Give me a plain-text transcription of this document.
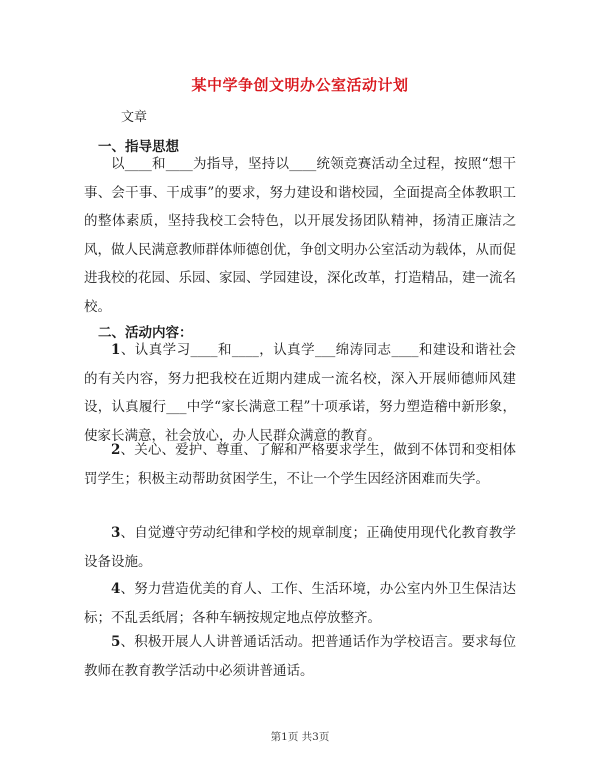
某中学争创文明办公室活动计划
文章
一、指导思想

以____和____为指导，坚持以____统领竞赛活动全过程，按照“想干事、会干事、干成事”的要求，努力建设和谐校园，全面提高全体教职工的整体素质，坚持我校工会特色，以开展发扬团队精神，扬清正廉洁之风，做人民满意教师群体师德创优，争创文明办公室活动为载体，从而促进我校的花园、乐园、家园、学园建设，深化改革，打造精品，建一流名校。

二、活动内容：

1、认真学习____和____，认真学___绵涛同志____和建设和谐社会的有关内容，努力把我校在近期内建成一流名校，深入开展师德师风建设，认真履行___中学“家长满意工程”十项承诺，努力塑造稽中新形象，使家长满意，社会放心，办人民群众满意的教育。

2、关心、爱护、尊重、了解和严格要求学生，做到不体罚和变相体罚学生；积极主动帮助贫困学生，不让一个学生因经济困难而失学。

3、自觉遵守劳动纪律和学校的规章制度；正确使用现代化教育教学设备设施。

4、努力营造优美的育人、工作、生活环境，办公室内外卫生保洁达标；不乱丢纸屑；各种车辆按规定地点停放整齐。

5、积极开展人人讲普通话活动。把普通话作为学校语言。要求每位教师在教育教学活动中必须讲普通话。

第1页 共3页
